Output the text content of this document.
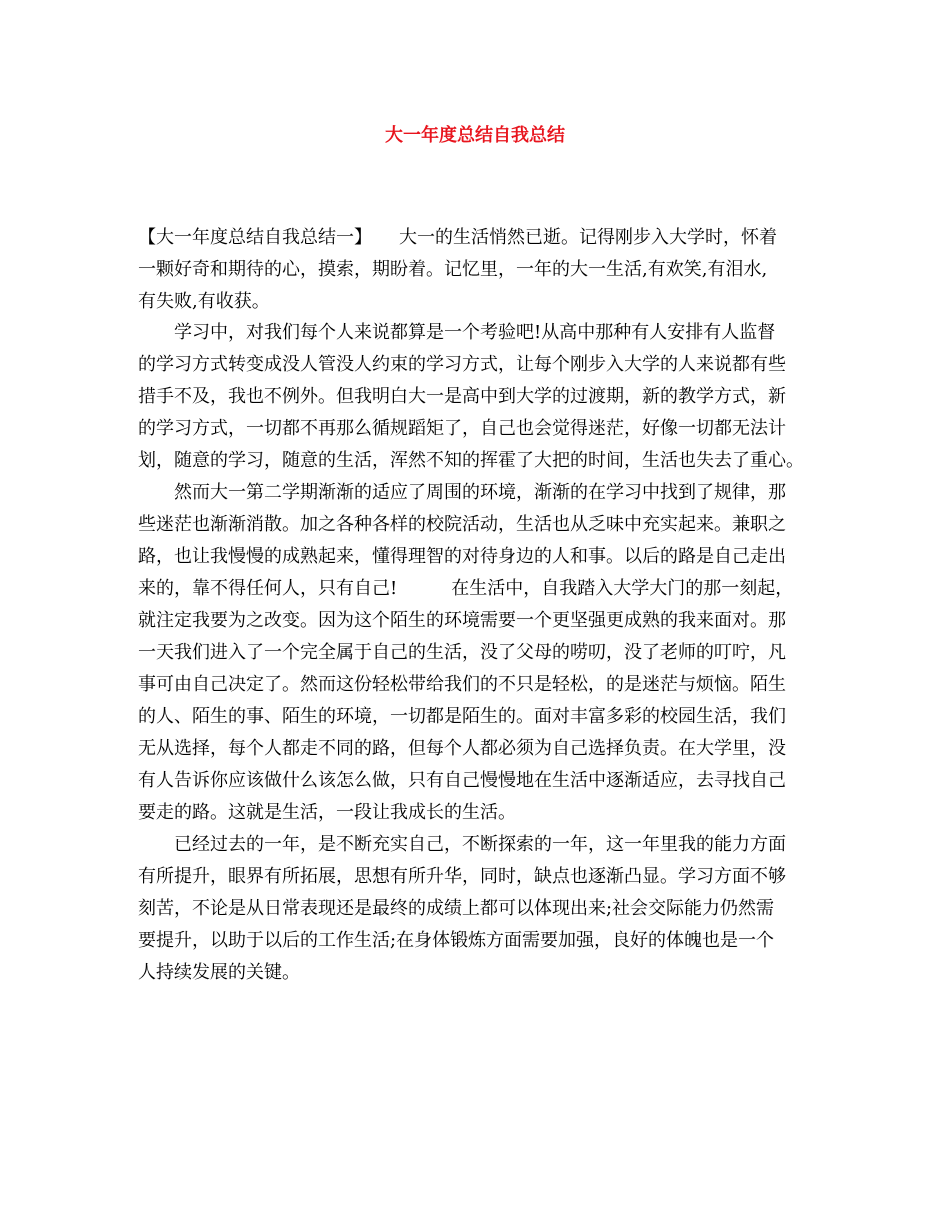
大一年度总结自我总结
【大一年度总结自我总结一】　　大一的生活悄然已逝。记得刚步入大学时，怀着
一颗好奇和期待的心，摸索，期盼着。记忆里，一年的大一生活,有欢笑,有泪水,
有失败,有收获。
　　学习中，对我们每个人来说都算是一个考验吧!从高中那种有人安排有人监督
的学习方式转变成没人管没人约束的学习方式，让每个刚步入大学的人来说都有些
措手不及，我也不例外。但我明白大一是高中到大学的过渡期，新的教学方式，新
的学习方式，一切都不再那么循规蹈矩了，自己也会觉得迷茫，好像一切都无法计
划，随意的学习，随意的生活，浑然不知的挥霍了大把的时间，生活也失去了重心。
　　然而大一第二学期渐渐的适应了周围的环境，渐渐的在学习中找到了规律，那
些迷茫也渐渐消散。加之各种各样的校院活动，生活也从乏味中充实起来。兼职之
路，也让我慢慢的成熟起来，懂得理智的对待身边的人和事。以后的路是自己走出
来的，靠不得任何人，只有自己!　　　在生活中，自我踏入大学大门的那一刻起，
就注定我要为之改变。因为这个陌生的环境需要一个更坚强更成熟的我来面对。那
一天我们进入了一个完全属于自己的生活，没了父母的唠叨，没了老师的叮咛，凡
事可由自己决定了。然而这份轻松带给我们的不只是轻松，的是迷茫与烦恼。陌生
的人、陌生的事、陌生的环境，一切都是陌生的。面对丰富多彩的校园生活，我们
无从选择，每个人都走不同的路，但每个人都必须为自己选择负责。在大学里，没
有人告诉你应该做什么该怎么做，只有自己慢慢地在生活中逐渐适应，去寻找自己
要走的路。这就是生活，一段让我成长的生活。
　　已经过去的一年，是不断充实自己，不断探索的一年，这一年里我的能力方面
有所提升，眼界有所拓展，思想有所升华，同时，缺点也逐渐凸显。学习方面不够
刻苦，不论是从日常表现还是最终的成绩上都可以体现出来;社会交际能力仍然需
要提升，以助于以后的工作生活;在身体锻炼方面需要加强，良好的体魄也是一个
人持续发展的关键。
